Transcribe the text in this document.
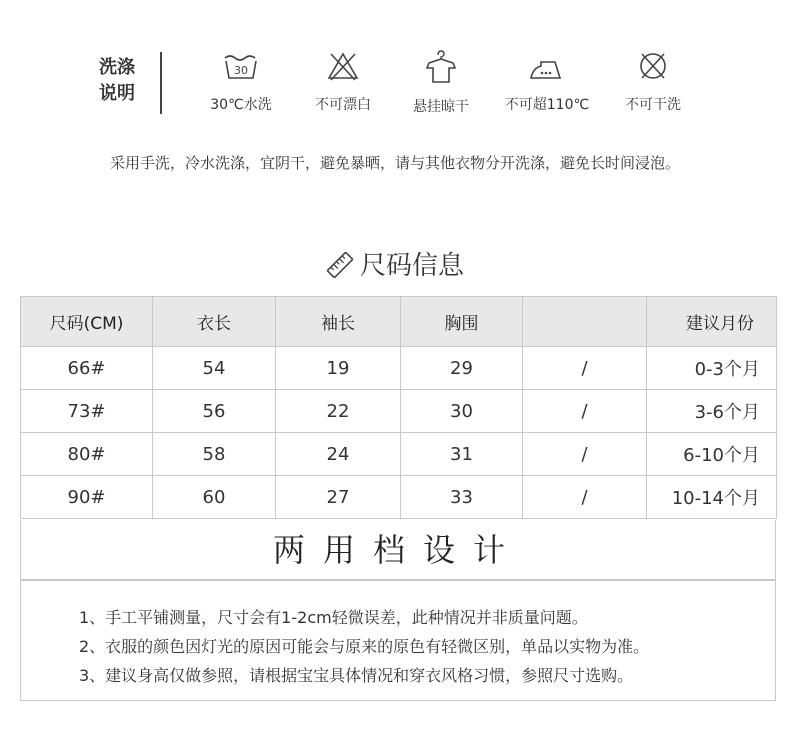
洗涤
说明
30
30℃水洗	不可漂白	悬挂晾干	不可超110℃	不可干洗
采用手洗，冷水洗涤，宜阴干，避免暴晒，请与其他衣物分开洗涤，避免长时间浸泡。
尺码信息
尺码(CM)	衣长	袖长	胸围		建议月份
66#	54	19	29	/	0-3个月
73#	56	22	30	/	3-6个月
80#	58	24	31	/	6-10个月
90#	60	27	33	/	10-14个月
两用档设计
1、手工平铺测量，尺寸会有1-2cm轻微误差，此种情况并非质量问题。
2、衣服的颜色因灯光的原因可能会与原来的原色有轻微区别，单品以实物为准。
3、建议身高仅做参照，请根据宝宝具体情况和穿衣风格习惯，参照尺寸选购。
